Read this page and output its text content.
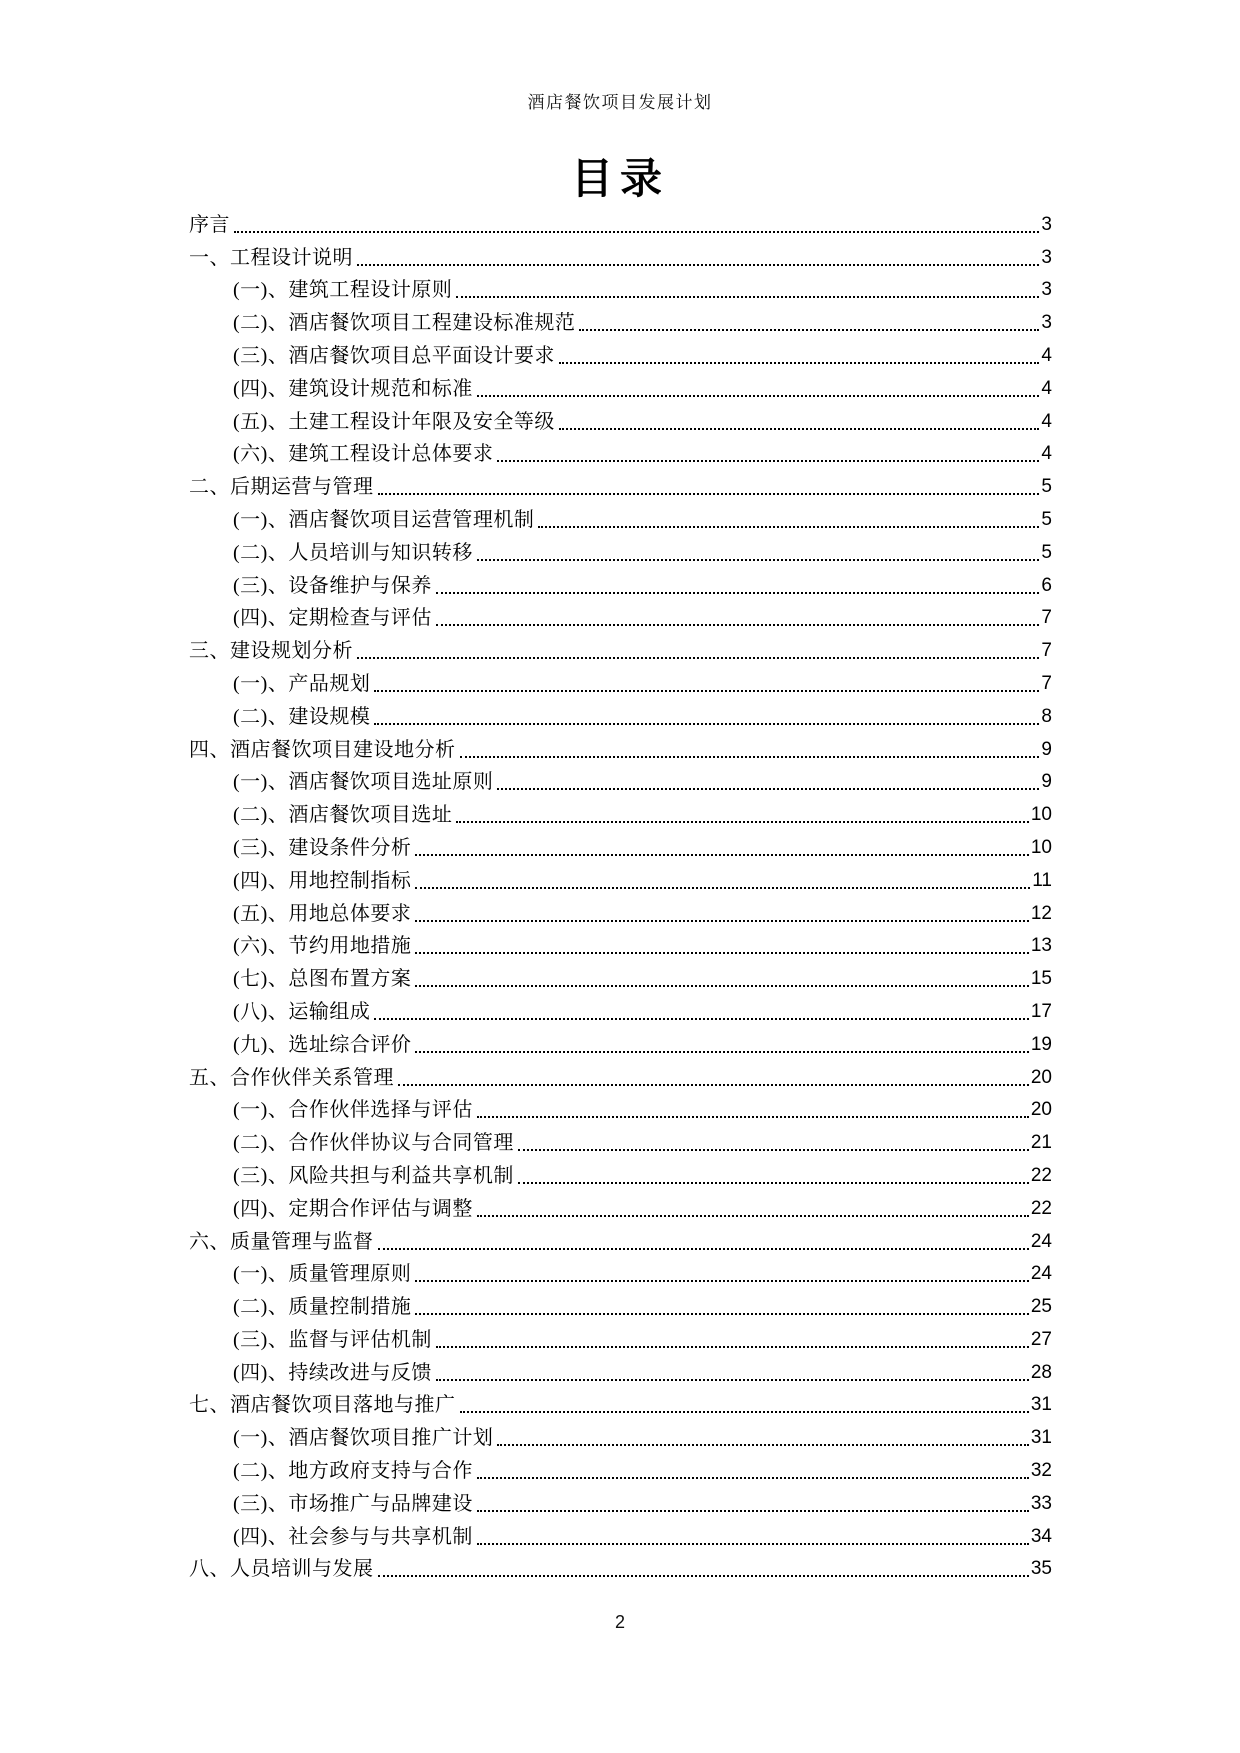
酒店餐饮项目发展计划
目录
序言	3
一、工程设计说明	3
(一)、建筑工程设计原则	3
(二)、酒店餐饮项目工程建设标准规范	3
(三)、酒店餐饮项目总平面设计要求	4
(四)、建筑设计规范和标准	4
(五)、土建工程设计年限及安全等级	4
(六)、建筑工程设计总体要求	4
二、后期运营与管理	5
(一)、酒店餐饮项目运营管理机制	5
(二)、人员培训与知识转移	5
(三)、设备维护与保养	6
(四)、定期检查与评估	7
三、建设规划分析	7
(一)、产品规划	7
(二)、建设规模	8
四、酒店餐饮项目建设地分析	9
(一)、酒店餐饮项目选址原则	9
(二)、酒店餐饮项目选址	10
(三)、建设条件分析	10
(四)、用地控制指标	11
(五)、用地总体要求	12
(六)、节约用地措施	13
(七)、总图布置方案	15
(八)、运输组成	17
(九)、选址综合评价	19
五、合作伙伴关系管理	20
(一)、合作伙伴选择与评估	20
(二)、合作伙伴协议与合同管理	21
(三)、风险共担与利益共享机制	22
(四)、定期合作评估与调整	22
六、质量管理与监督	24
(一)、质量管理原则	24
(二)、质量控制措施	25
(三)、监督与评估机制	27
(四)、持续改进与反馈	28
七、酒店餐饮项目落地与推广	31
(一)、酒店餐饮项目推广计划	31
(二)、地方政府支持与合作	32
(三)、市场推广与品牌建设	33
(四)、社会参与与共享机制	34
八、人员培训与发展	35
2
